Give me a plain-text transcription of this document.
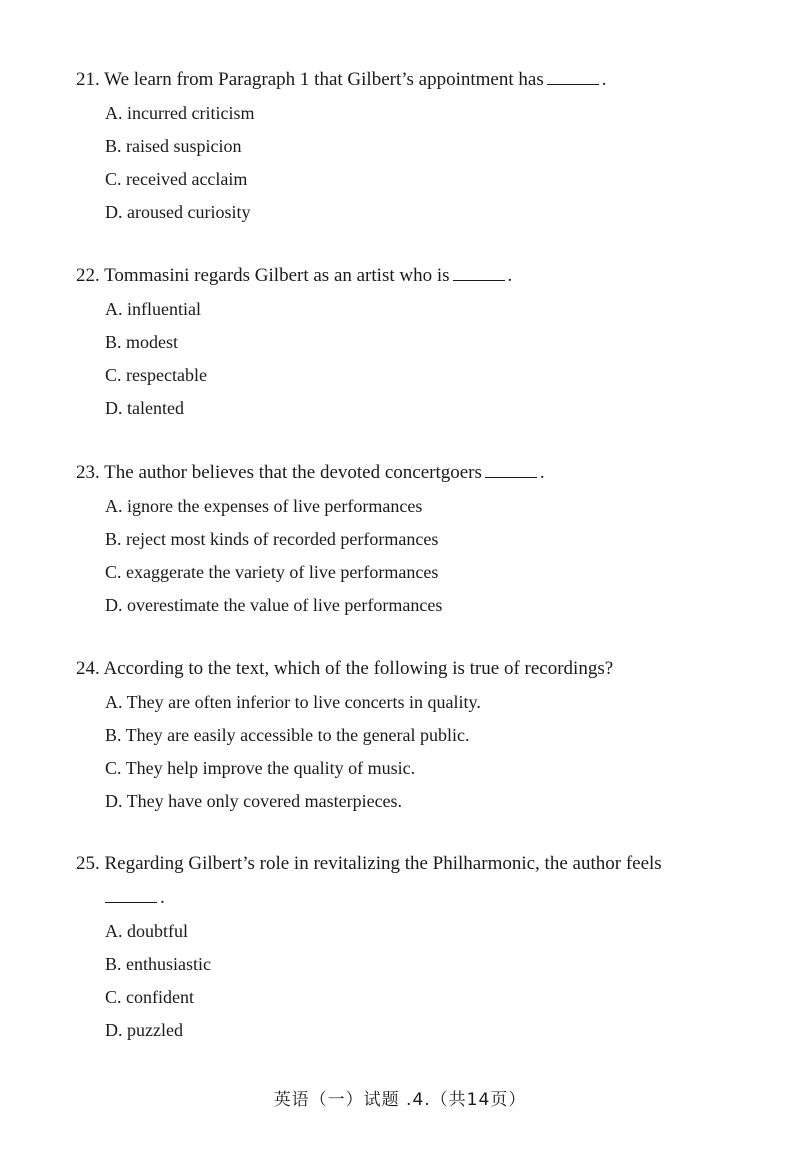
21. We learn from Paragraph 1 that Gilbert’s appointment has	.
A. incurred criticism
B. raised suspicion
C. received acclaim
D. aroused curiosity
22. Tommasini regards Gilbert as an artist who is	.
A. influential
B. modest
C. respectable
D. talented
23. The author believes that the devoted concertgoers	.
A. ignore the expenses of live performances
B. reject most kinds of recorded performances
C. exaggerate the variety of live performances
D. overestimate the value of live performances
24. According to the text, which of the following is true of recordings?
A. They are often inferior to live concerts in quality.
B. They are easily accessible to the general public.
C. They help improve the quality of music.
D. They have only covered masterpieces.
25. Regarding Gilbert’s role in revitalizing the Philharmonic, the author feels
.
A. doubtful
B. enthusiastic
C. confident
D. puzzled
英语（一）试题 .4.（共14页）
